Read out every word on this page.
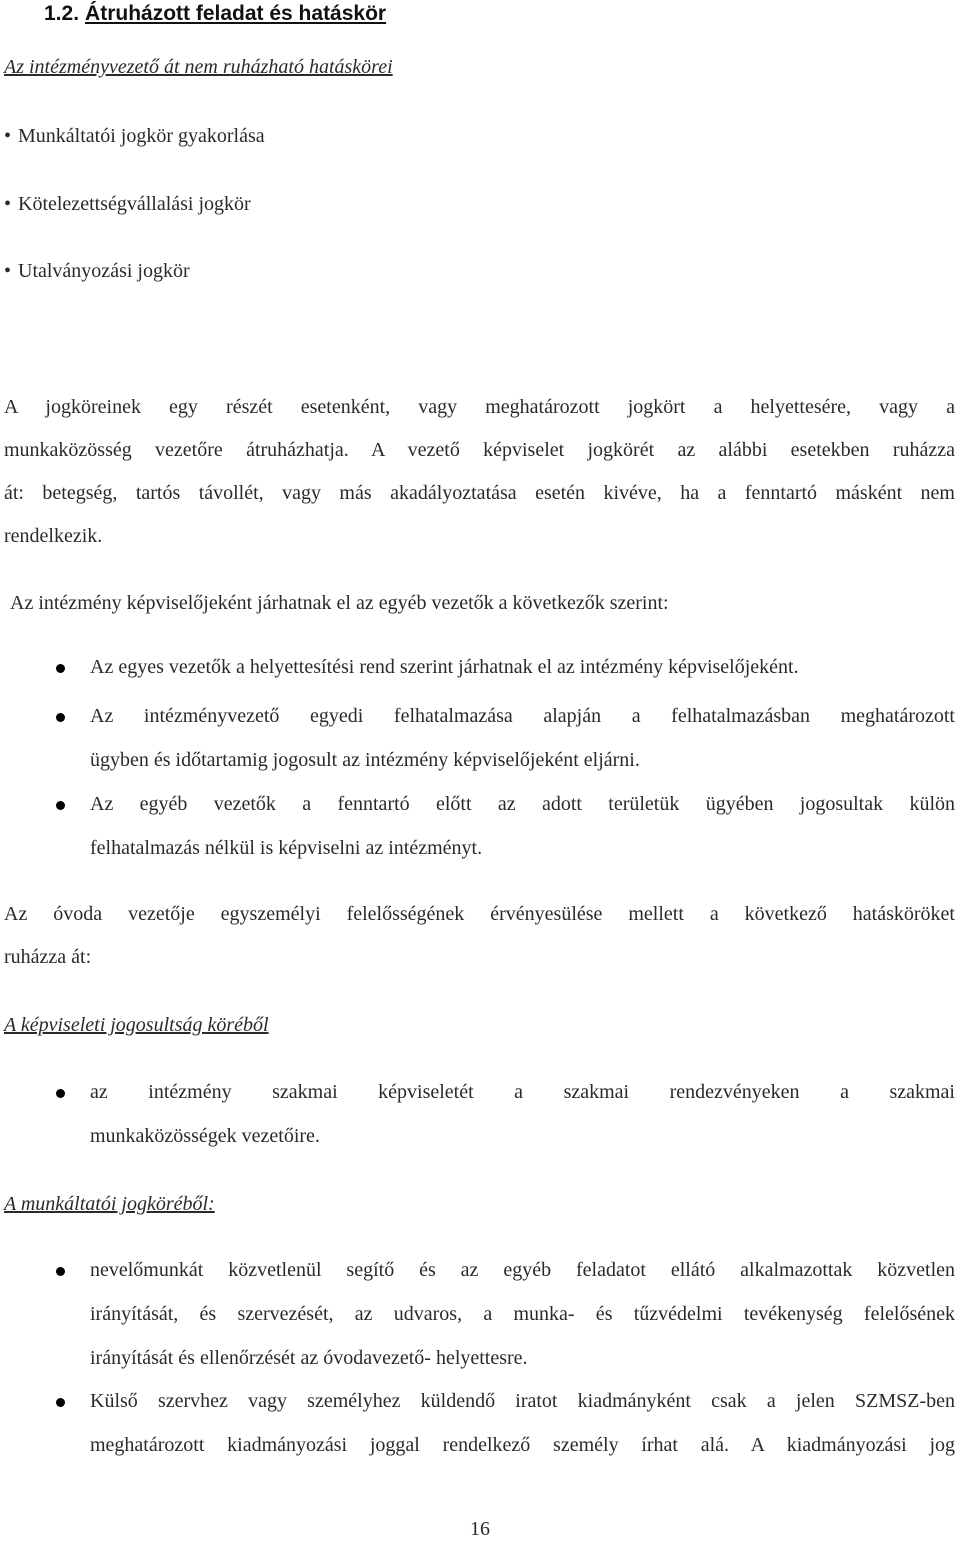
1.2. Átruházott feladat és hatáskör
Az intézményvezető át nem ruházható hatáskörei
• Munkáltatói jogkör gyakorlása
• Kötelezettségvállalási jogkör
• Utalványozási jogkör
A jogköreinek egy részét esetenként, vagy meghatározott jogkört a helyettesére, vagy a
munkaközösség vezetőre átruházhatja. A vezető képviselet jogkörét az alábbi esetekben ruházza
át: betegség, tartós távollét, vagy más akadályoztatása esetén kivéve, ha a fenntartó másként nem
rendelkezik.
Az intézmény képviselőjeként járhatnak el az egyéb vezetők a következők szerint:
Az egyes vezetők a helyettesítési rend szerint járhatnak el az intézmény képviselőjeként.
Az intézményvezető egyedi felhatalmazása alapján a felhatalmazásban meghatározott
ügyben és időtartamig jogosult az intézmény képviselőjeként eljárni.
Az egyéb vezetők a fenntartó előtt az adott területük ügyében jogosultak külön
felhatalmazás nélkül is képviselni az intézményt.
Az óvoda vezetője egyszemélyi felelősségének érvényesülése mellett a következő hatásköröket
ruházza át:
A képviseleti jogosultság köréből
az intézmény szakmai képviseletét a szakmai rendezvényeken a szakmai
munkaközösségek vezetőire.
A munkáltatói jogköréből:
nevelőmunkát közvetlenül segítő és az egyéb feladatot ellátó alkalmazottak közvetlen
irányítását, és szervezését, az udvaros, a munka- és tűzvédelmi tevékenység felelősének
irányítását és ellenőrzését az óvodavezető- helyettesre.
Külső szervhez vagy személyhez küldendő iratot kiadmányként csak a jelen SZMSZ-ben
meghatározott kiadmányozási joggal rendelkező személy írhat alá. A kiadmányozási jog
16
